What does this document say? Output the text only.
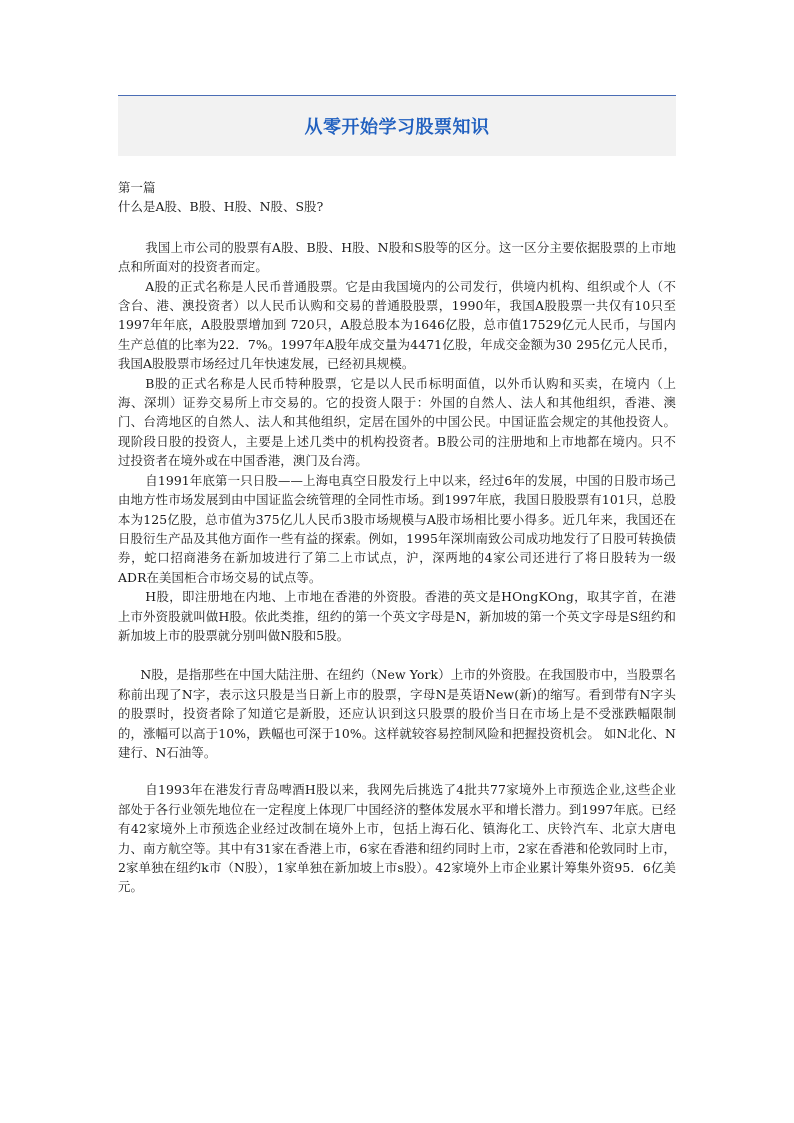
从零开始学习股票知识

第一篇

什么是A股、B股、H股、N股、S股?

我国上市公司的股票有A股、B股、H股、N股和S股等的区分。这一区分主要依据股票的上市地点和所面对的投资者而定。

A股的正式名称是人民币普通股票。它是由我国境内的公司发行，供境内机构、组织或个人（不含台、港、澳投资者）以人民币认购和交易的普通股股票，1990年，我国A股股票一共仅有10只至1997年年底，A股股票增加到 720只，A股总股本为1646亿股，总市值17529亿元人民币，与国内生产总值的比率为22．7%。1997年A股年成交量为4471亿股，年成交金额为30 295亿元人民币，我国A股股票市场经过几年快速发展，已经初具规模。

B股的正式名称是人民币特种股票，它是以人民币标明面值，以外币认购和买卖，在境内（上海、深圳）证券交易所上市交易的。它的投资人限于：外国的自然人、法人和其他组织，香港、澳门、台湾地区的自然人、法人和其他组织，定居在国外的中国公民。中国证监会规定的其他投资人。现阶段日股的投资人，主要是上述几类中的机构投资者。B股公司的注册地和上市地都在境内。只不过投资者在境外或在中国香港，澳门及台湾。

自1991年底第一只日股——上海电真空日股发行上中以来，经过6年的发展，中国的日股市场己由地方性市场发展到由中国证监会统管理的全同性市场。到1997年底，我国日股股票有101只，总股本为125亿股，总市值为375亿儿人民币3股市场规模与A股市场相比要小得多。近几年来，我国还在日股衍生产品及其他方面作一些有益的探索。例如，1995年深圳南致公司成功地发行了日股可转换债券，蛇口招商港务在新加坡进行了第二上市试点，沪，深两地的4家公司还进行了将日股转为一级ADR在美国柜合市场交易的试点等。

H股，即注册地在内地、上市地在香港的外资股。香港的英文是HOngKOng，取其字首，在港上市外资股就叫做H股。依此类推，纽约的第一个英文字母是N，新加坡的第一个英文字母是S纽约和新加坡上市的股票就分别叫做N股和5股。

N股，是指那些在中国大陆注册、在纽约（New York）上市的外资股。在我国股市中，当股票名称前出现了N字，表示这只股是当日新上市的股票，字母N是英语New(新)的缩写。看到带有N字头的股票时，投资者除了知道它是新股，还应认识到这只股票的股价当日在市场上是不受涨跌幅限制的，涨幅可以高于10%，跌幅也可深于10%。这样就较容易控制风险和把握投资机会。 如N北化、N建行、N石油等。

自1993年在港发行青岛啤酒H股以来，我网先后挑选了4批共77家境外上市预选企业,这些企业部处于各行业领先地位在一定程度上体现厂中国经济的整体发展水平和增长潜力。到1997年底。已经有42家境外上市预选企业经过改制在境外上市，包括上海石化、镇海化工、庆铃汽车、北京大唐电力、南方航空等。其中有31家在香港上市，6家在香港和纽约同时上市，2家在香港和伦敦同时上市，2家单独在纽约k市（N股），1家单独在新加坡上市s股）。42家境外上市企业累计筹集外资95．6亿美元。
